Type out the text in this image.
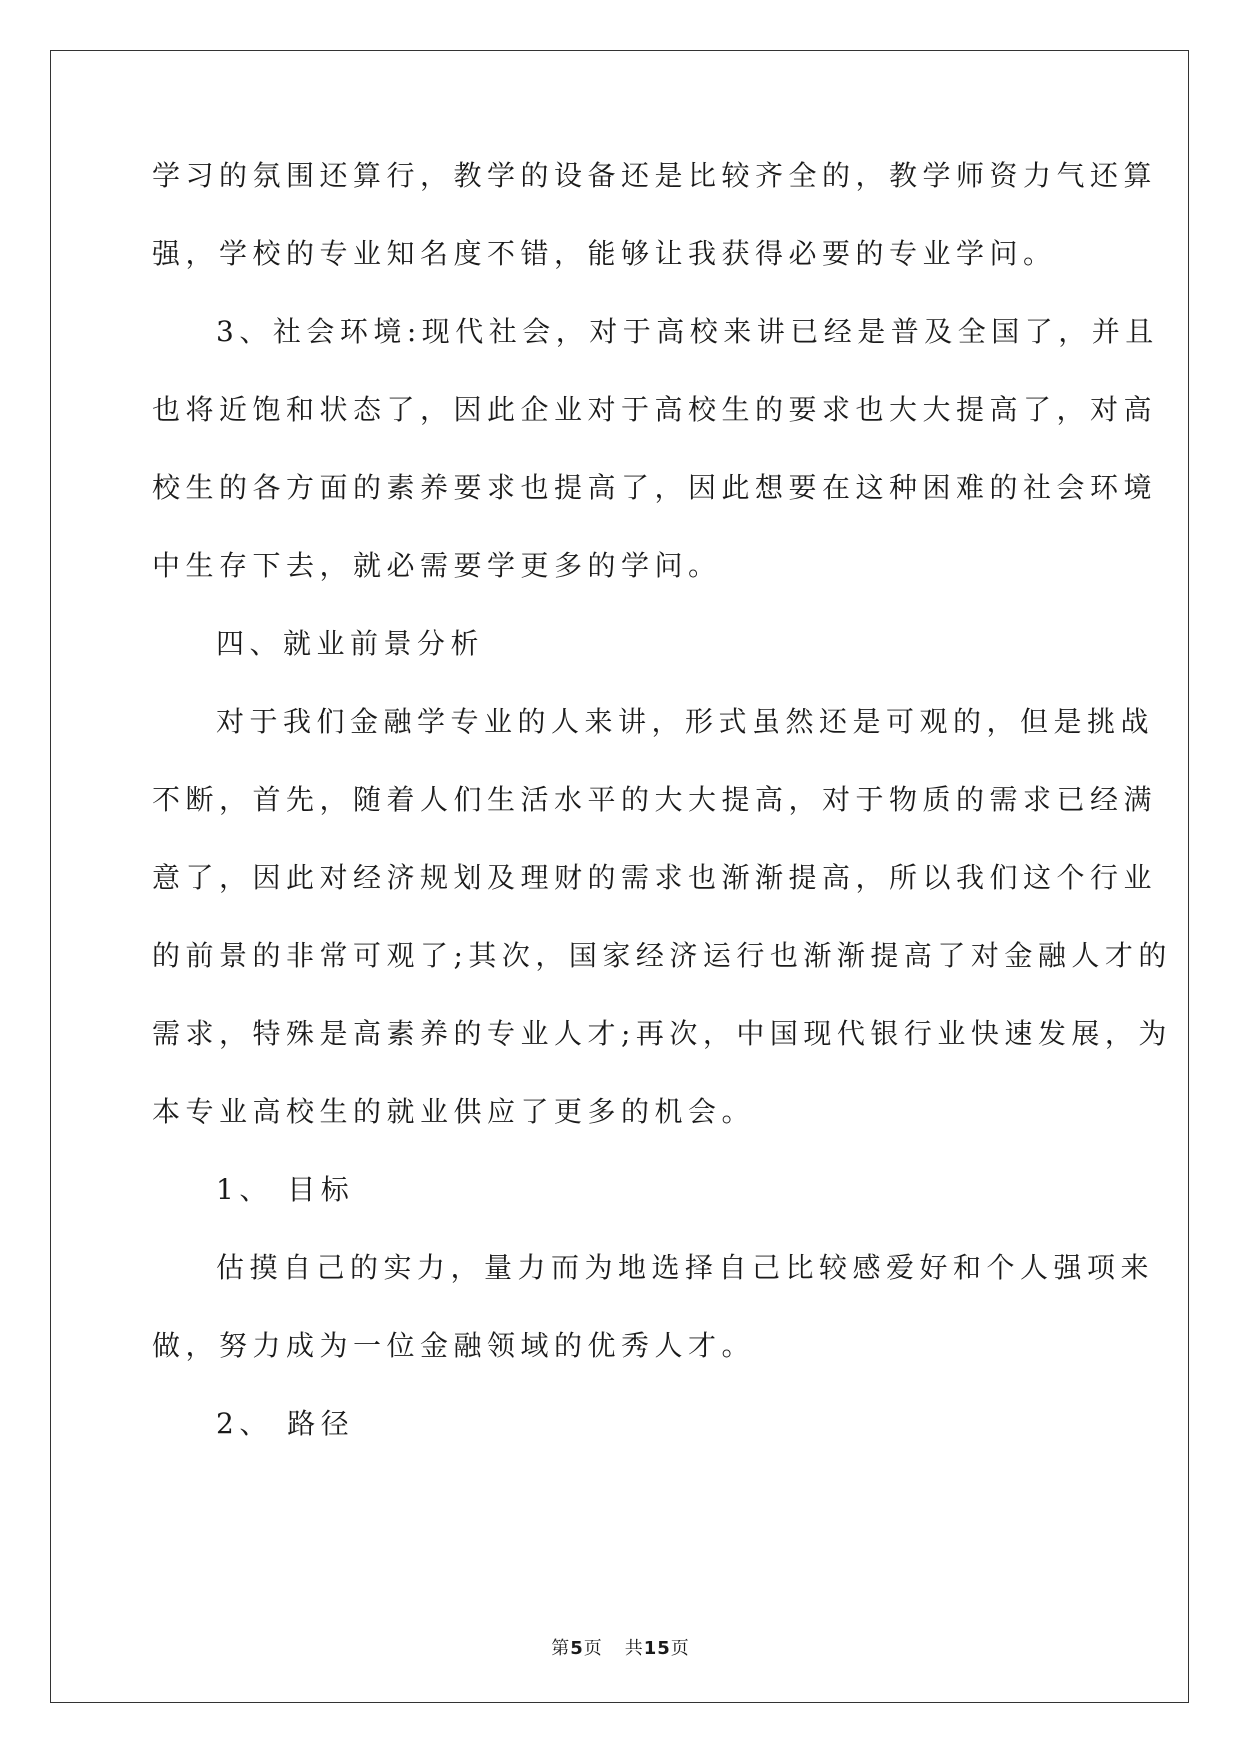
学习的氛围还算行，教学的设备还是比较齐全的，教学师资力气还算
强，学校的专业知名度不错，能够让我获得必要的专业学问。
3、社会环境:现代社会，对于高校来讲已经是普及全国了，并且
也将近饱和状态了，因此企业对于高校生的要求也大大提高了，对高
校生的各方面的素养要求也提高了，因此想要在这种困难的社会环境
中生存下去，就必需要学更多的学问。
四、就业前景分析
对于我们金融学专业的人来讲，形式虽然还是可观的，但是挑战
不断，首先，随着人们生活水平的大大提高，对于物质的需求已经满
意了，因此对经济规划及理财的需求也渐渐提高，所以我们这个行业
的前景的非常可观了;其次，国家经济运行也渐渐提高了对金融人才的
需求，特殊是高素养的专业人才;再次，中国现代银行业快速发展，为
本专业高校生的就业供应了更多的机会。
1、 目标
估摸自己的实力，量力而为地选择自己比较感爱好和个人强项来
做，努力成为一位金融领域的优秀人才。
2、 路径
第5页 共15页
